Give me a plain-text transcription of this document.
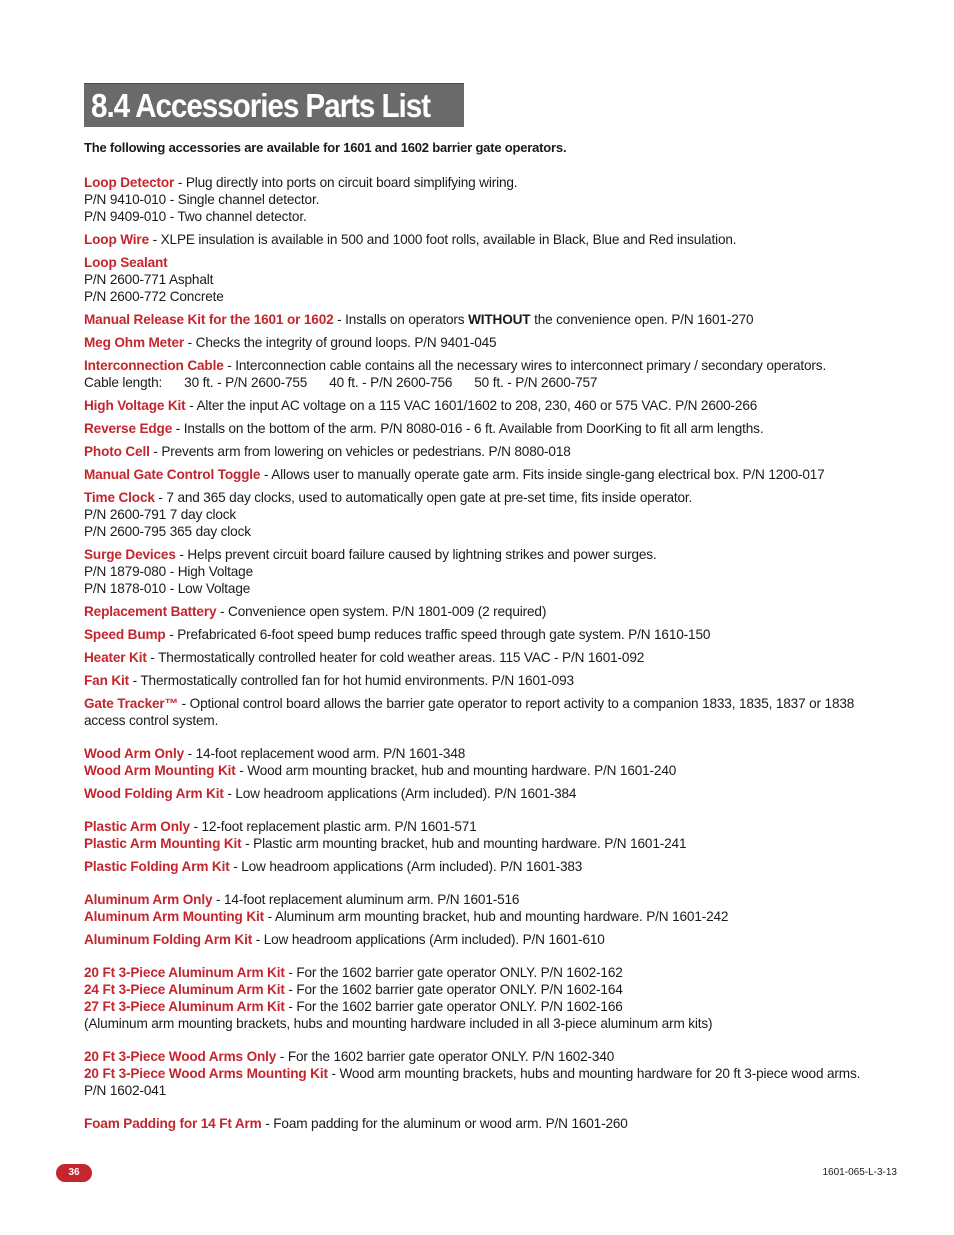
8.4 Accessories Parts List
The following accessories are available for 1601 and 1602 barrier gate operators.
Loop Detector - Plug directly into ports on circuit board simplifying wiring.
P/N 9410-010 - Single channel detector.
P/N 9409-010 - Two channel detector.
Loop Wire - XLPE insulation is available in 500 and 1000 foot rolls, available in Black, Blue and Red insulation.
Loop Sealant
P/N 2600-771 Asphalt
P/N 2600-772 Concrete
Manual Release Kit for the 1601 or 1602 - Installs on operators WITHOUT the convenience open. P/N 1601-270
Meg Ohm Meter - Checks the integrity of ground loops. P/N 9401-045
Interconnection Cable - Interconnection cable contains all the necessary wires to interconnect primary / secondary operators.
Cable length: 30 ft. - P/N 2600-755 40 ft. - P/N 2600-756 50 ft. - P/N 2600-757
High Voltage Kit - Alter the input AC voltage on a 115 VAC 1601/1602 to 208, 230, 460 or 575 VAC. P/N 2600-266
Reverse Edge - Installs on the bottom of the arm. P/N 8080-016 - 6 ft. Available from DoorKing to fit all arm lengths.
Photo Cell - Prevents arm from lowering on vehicles or pedestrians. P/N 8080-018
Manual Gate Control Toggle - Allows user to manually operate gate arm. Fits inside single-gang electrical box. P/N 1200-017
Time Clock - 7 and 365 day clocks, used to automatically open gate at pre-set time, fits inside operator.
P/N 2600-791 7 day clock
P/N 2600-795 365 day clock
Surge Devices - Helps prevent circuit board failure caused by lightning strikes and power surges.
P/N 1879-080 - High Voltage
P/N 1878-010 - Low Voltage
Replacement Battery - Convenience open system. P/N 1801-009 (2 required)
Speed Bump - Prefabricated 6-foot speed bump reduces traffic speed through gate system. P/N 1610-150
Heater Kit - Thermostatically controlled heater for cold weather areas. 115 VAC - P/N 1601-092
Fan Kit - Thermostatically controlled fan for hot humid environments. P/N 1601-093
Gate Tracker™ - Optional control board allows the barrier gate operator to report activity to a companion 1833, 1835, 1837 or 1838 access control system.
Wood Arm Only - 14-foot replacement wood arm. P/N 1601-348
Wood Arm Mounting Kit - Wood arm mounting bracket, hub and mounting hardware. P/N 1601-240
Wood Folding Arm Kit - Low headroom applications (Arm included). P/N 1601-384
Plastic Arm Only - 12-foot replacement plastic arm. P/N 1601-571
Plastic Arm Mounting Kit - Plastic arm mounting bracket, hub and mounting hardware. P/N 1601-241
Plastic Folding Arm Kit - Low headroom applications (Arm included). P/N 1601-383
Aluminum Arm Only - 14-foot replacement aluminum arm. P/N 1601-516
Aluminum Arm Mounting Kit - Aluminum arm mounting bracket, hub and mounting hardware. P/N 1601-242
Aluminum Folding Arm Kit - Low headroom applications (Arm included). P/N 1601-610
20 Ft 3-Piece Aluminum Arm Kit - For the 1602 barrier gate operator ONLY. P/N 1602-162
24 Ft 3-Piece Aluminum Arm Kit - For the 1602 barrier gate operator ONLY. P/N 1602-164
27 Ft 3-Piece Aluminum Arm Kit - For the 1602 barrier gate operator ONLY. P/N 1602-166
(Aluminum arm mounting brackets, hubs and mounting hardware included in all 3-piece aluminum arm kits)
20 Ft 3-Piece Wood Arms Only - For the 1602 barrier gate operator ONLY. P/N 1602-340
20 Ft 3-Piece Wood Arms Mounting Kit - Wood arm mounting brackets, hubs and mounting hardware for 20 ft 3-piece wood arms. P/N 1602-041
Foam Padding for 14 Ft Arm - Foam padding for the aluminum or wood arm. P/N 1601-260
36	1601-065-L-3-13
